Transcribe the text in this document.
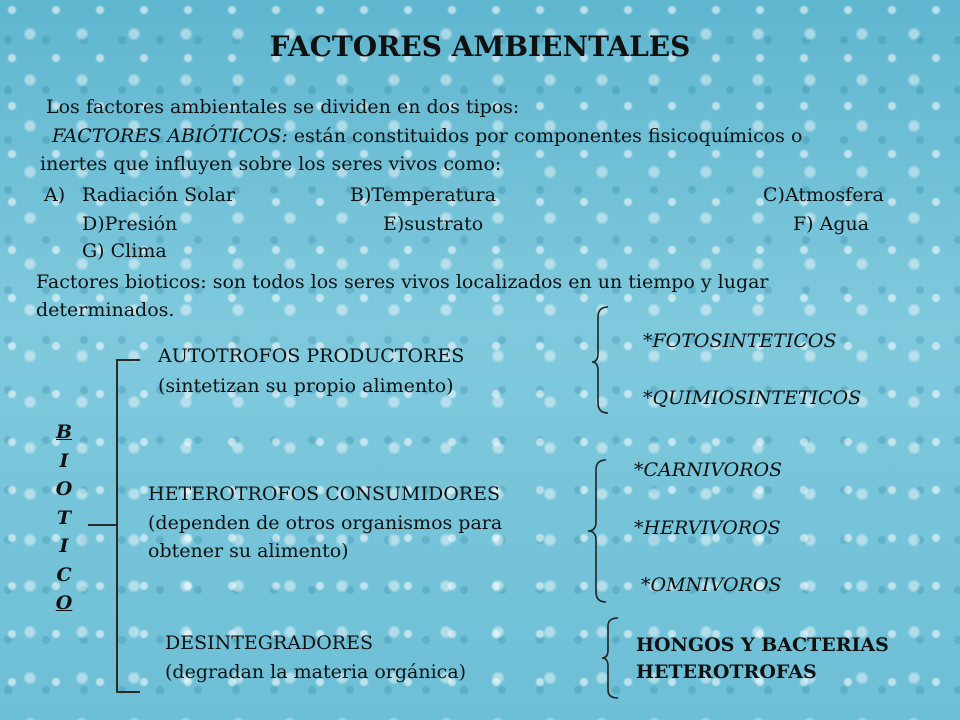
FACTORES AMBIENTALES
Los factores ambientales se dividen en dos tipos:
FACTORES ABIÓTICOS: están constituidos por componentes fisicoquímicos o
inertes que influyen sobre los seres vivos como:
A) Radiación Solar	B)Temperatura	C)Atmosfera
D)Presión	E)sustrato	F) Agua
G) Clima
Factores bioticos: son todos los seres vivos localizados en un tiempo y lugar
determinados.
B
I
O
T
I
C
O
AUTOTROFOS PRODUCTORES
(sintetizan su propio alimento)
*FOTOSINTETICOS
*QUIMIOSINTETICOS
HETEROTROFOS CONSUMIDORES
(dependen de otros organismos para
obtener su alimento)
*CARNIVOROS
*HERVIVOROS
*OMNIVOROS
DESINTEGRADORES
(degradan la materia orgánica)
HONGOS Y BACTERIAS
HETEROTROFAS
